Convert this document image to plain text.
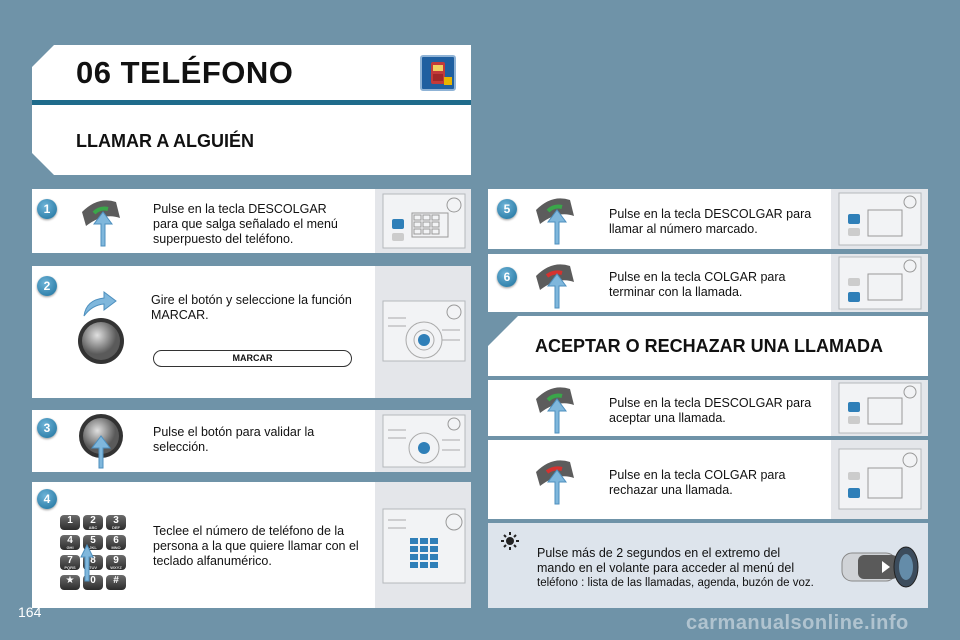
06 TELÉFONO
LLAMAR A ALGUIÉN
1	Pulse en la tecla DESCOLGAR para que salga señalado el menú superpuesto del teléfono.
2
Gire el botón y seleccione la función MARCAR.
MARCAR
3	Pulse el botón para validar la selección.
4
1	2
ABC
3
DEF
4
GHI
5
JKL
6
MNO
7
PQRS
8
TUV
9
WXYZ
★	0	#
Teclee el número de teléfono de la persona a la que quiere llamar con el teclado alfanumérico.
5	Pulse en la tecla DESCOLGAR para llamar al número marcado.
6	Pulse en la tecla COLGAR para terminar con la llamada.
ACEPTAR O RECHAZAR UNA LLAMADA
Pulse en la tecla DESCOLGAR para aceptar una llamada.
Pulse en la tecla COLGAR para rechazar una llamada.
Pulse más de 2 segundos en el extremo del
mando en el volante para acceder al menú del
teléfono : lista de las llamadas, agenda, buzón de voz.
164	carmanualsonline.info
